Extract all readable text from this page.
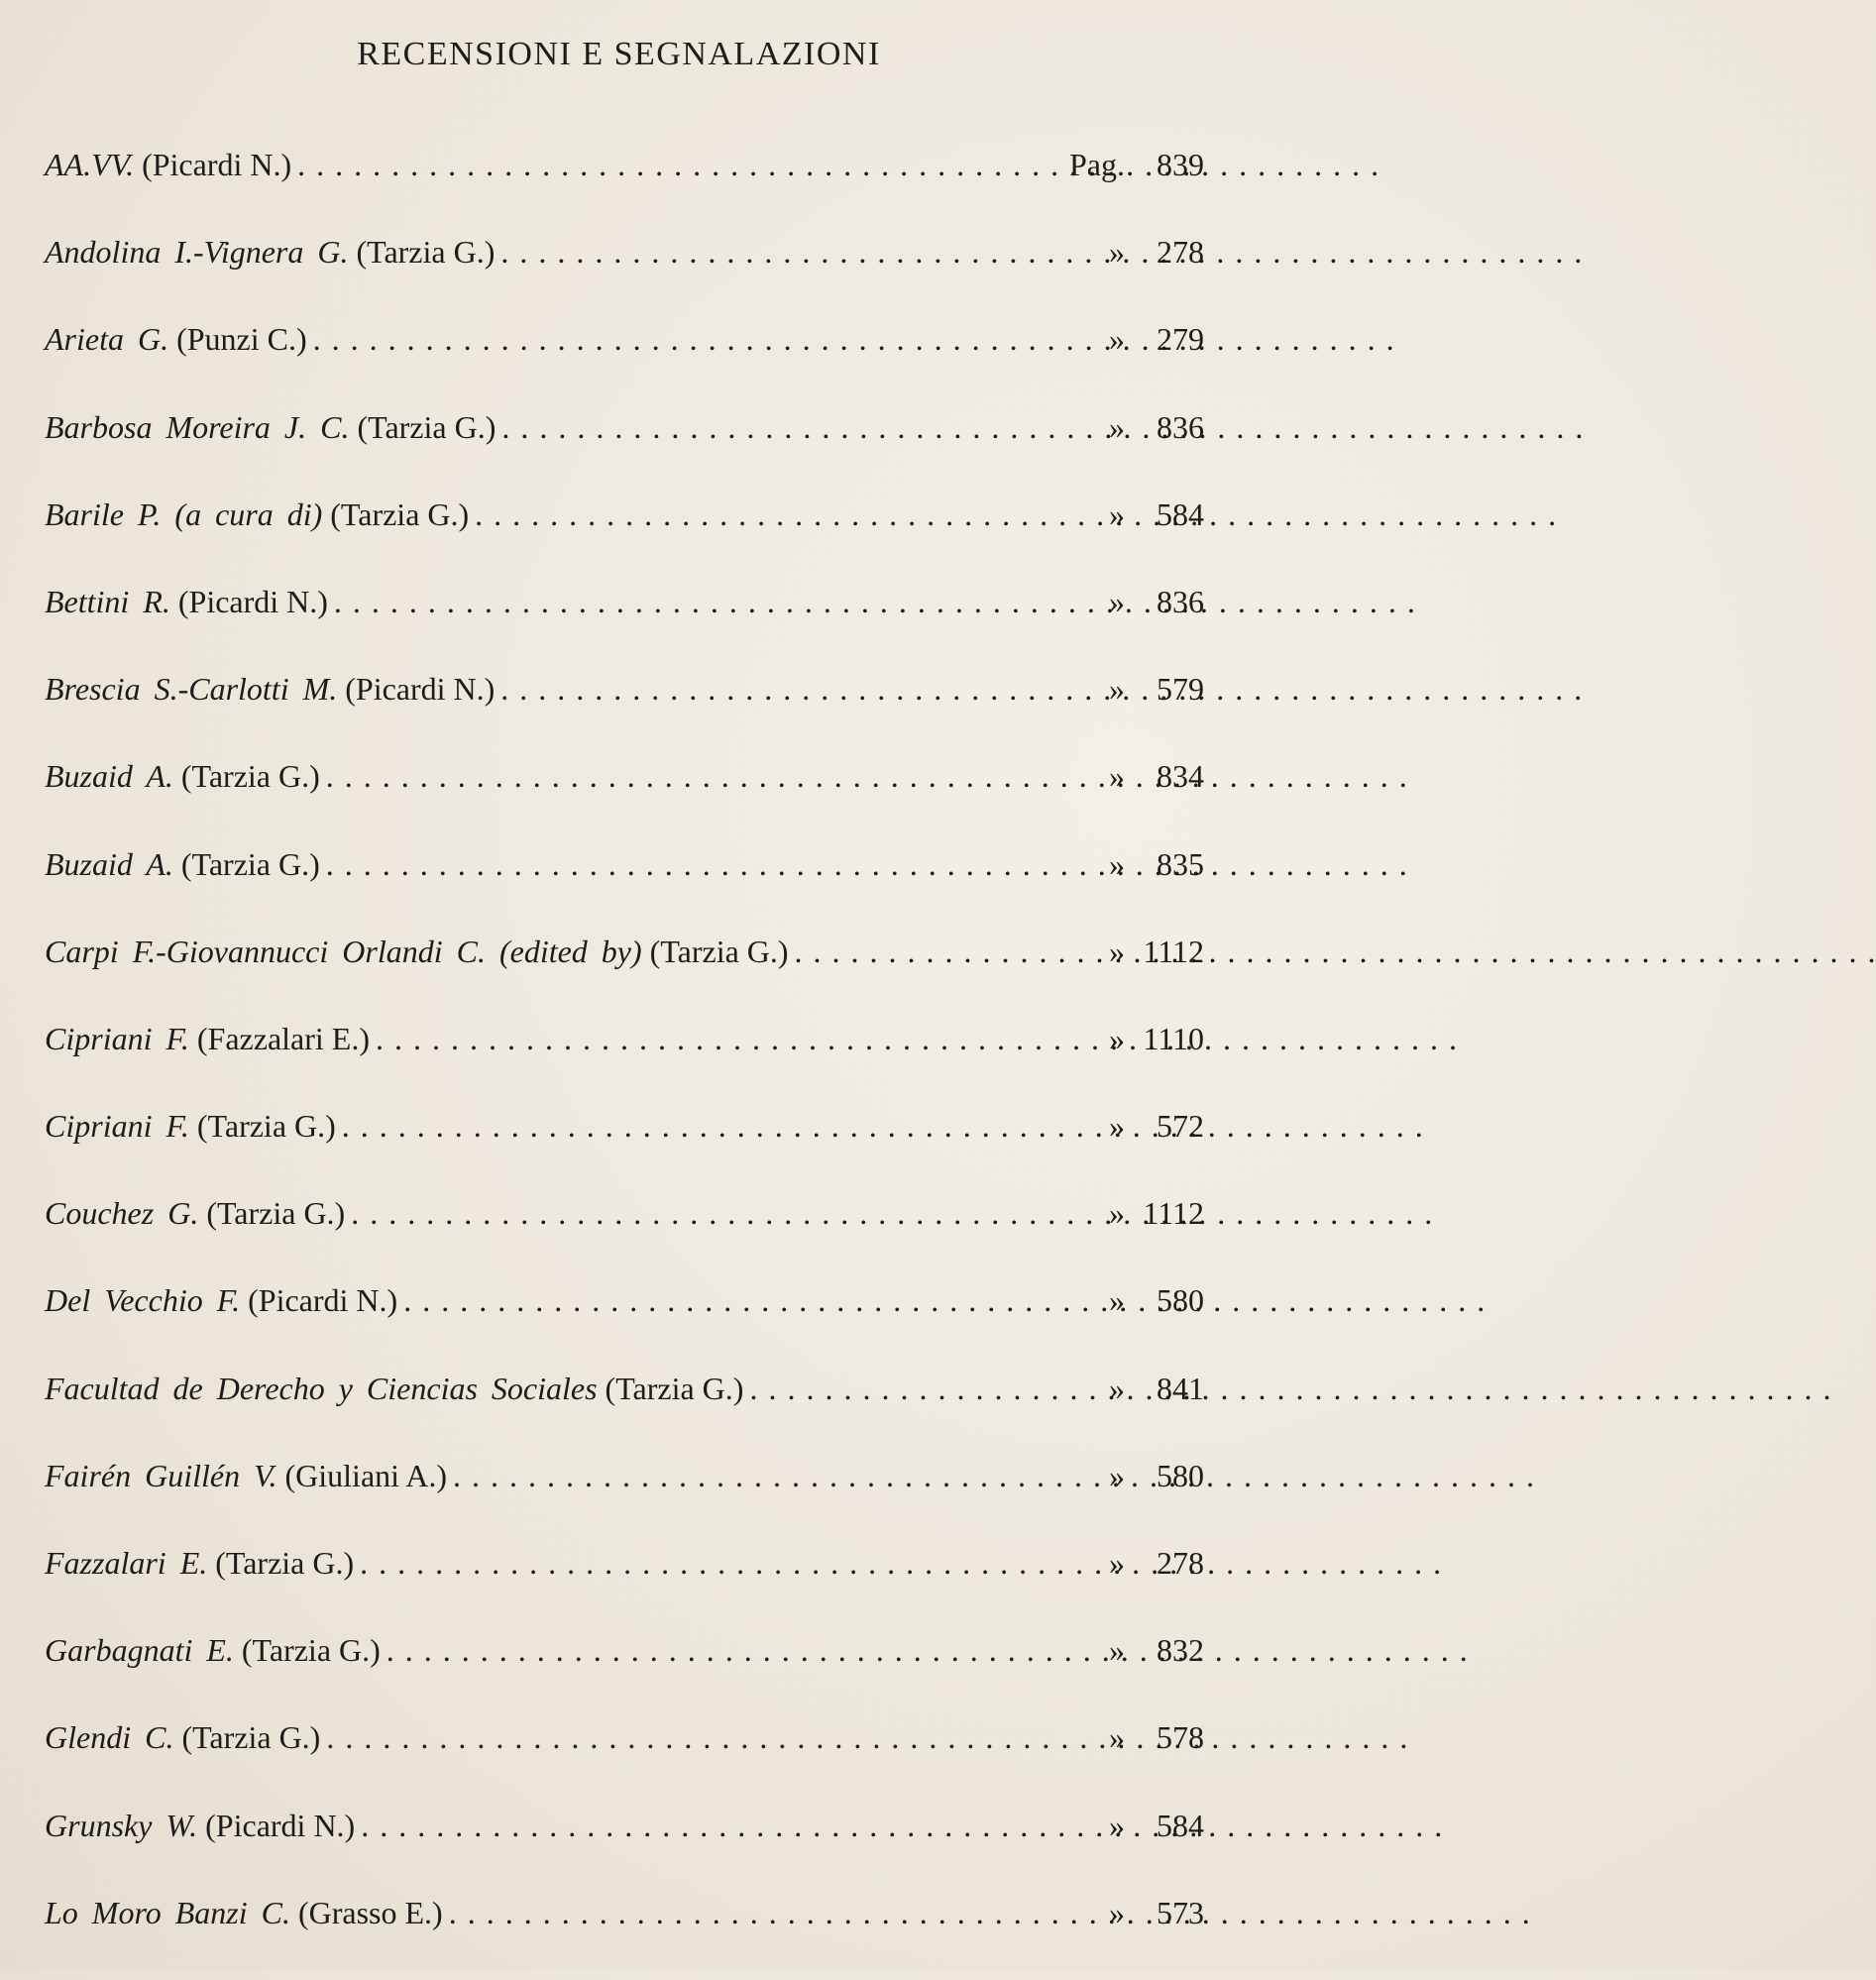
RECENSIONI E SEGNALAZIONI
AA.VV. (Picardi N.) . . .	Pag.	839
Andolina I.-Vignera G. (Tarzia G.) . . .	»	278
Arieta G. (Punzi C.) . . .	»	279
Barbosa Moreira J. C. (Tarzia G.) . . .	»	836
Barile P. (a cura di) (Tarzia G.) . . .	»	584
Bettini R. (Picardi N.) . . .	»	836
Brescia S.-Carlotti M. (Picardi N.) . . .	»	579
Buzaid A. (Tarzia G.) . . .	»	834
Buzaid A. (Tarzia G.) . . .	»	835
Carpi F.-Giovannucci Orlandi C. (edited by) (Tarzia G.) . . .	» 1112
Cipriani F. (Fazzalari E.) . . .	» 1110
Cipriani F. (Tarzia G.) . . .	»	572
Couchez G. (Tarzia G.) . . .	» 1112
Del Vecchio F. (Picardi N.) . . .	»	580
Facultad de Derecho y Ciencias Sociales (Tarzia G.) . . .	»	841
Fairén Guillén V. (Giuliani A.) . . .	»	580
Fazzalari E. (Tarzia G.) . . .	»	278
Garbagnati E. (Tarzia G.) . . .	»	832
Glendi C. (Tarzia G.) . . .	»	578
Grunsky W. (Picardi N.) . . .	»	584
Lo Moro Banzi C. (Grasso E.) . . .	»	573
